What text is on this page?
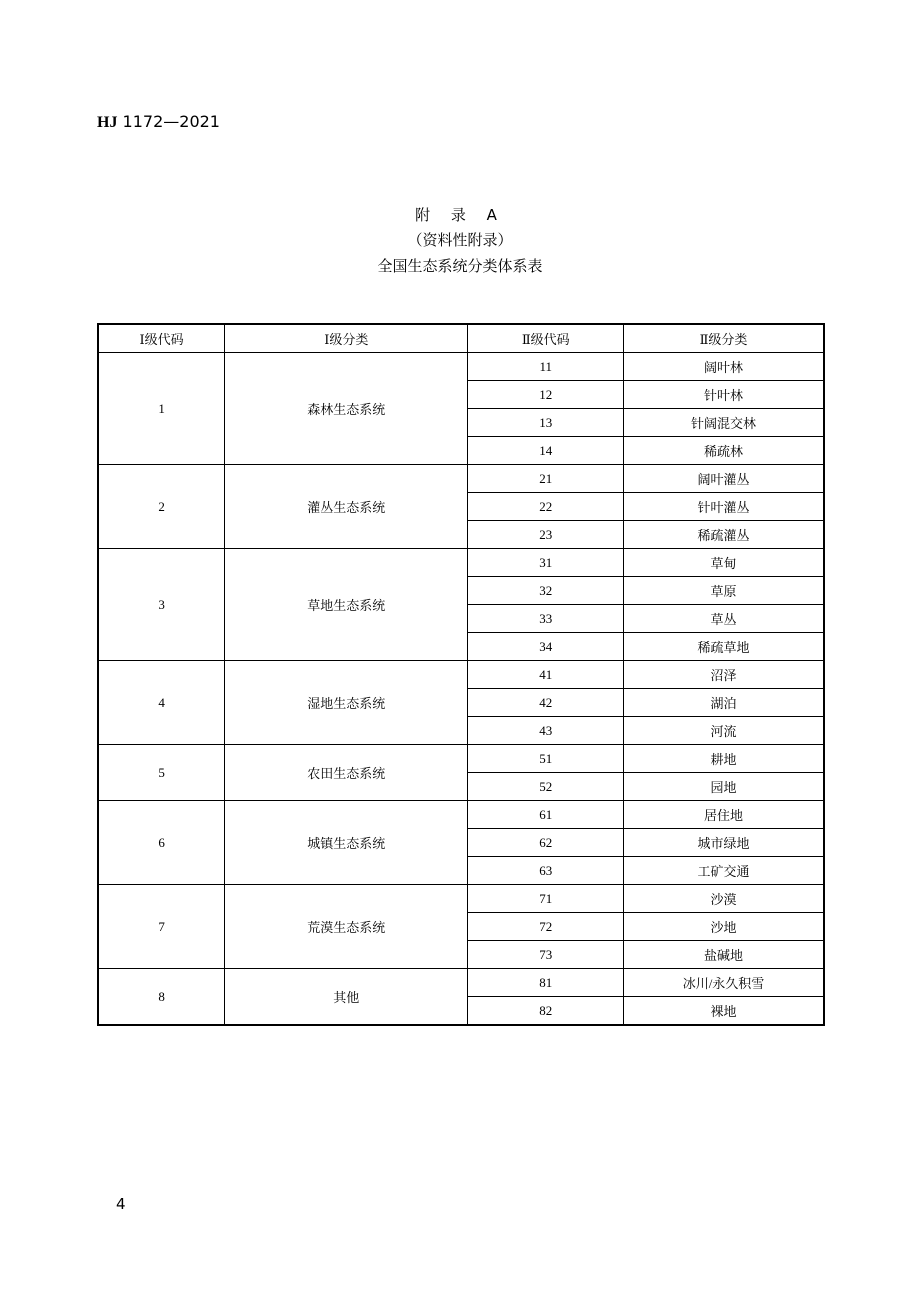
HJ 1172—2021
附 录 A
（资料性附录）
全国生态系统分类体系表
Ⅰ级代码	Ⅰ级分类	Ⅱ级代码	Ⅱ级分类
1	森林生态系统	11	阔叶林
		12	针叶林
		13	针阔混交林
		14	稀疏林
2	灌丛生态系统	21	阔叶灌丛
		22	针叶灌丛
		23	稀疏灌丛
3	草地生态系统	31	草甸
		32	草原
		33	草丛
		34	稀疏草地
4	湿地生态系统	41	沼泽
		42	湖泊
		43	河流
5	农田生态系统	51	耕地
		52	园地
6	城镇生态系统	61	居住地
		62	城市绿地
		63	工矿交通
7	荒漠生态系统	71	沙漠
		72	沙地
		73	盐碱地
8	其他	81	冰川/永久积雪
		82	裸地
4
